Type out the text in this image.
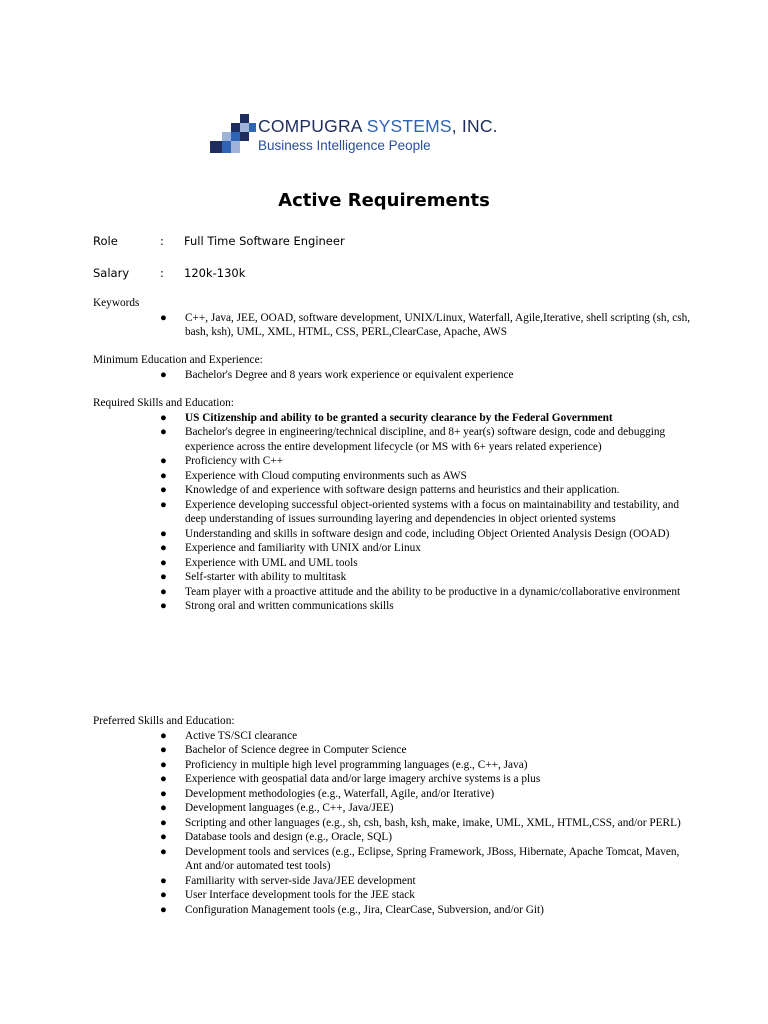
COMPUGRA SYSTEMS, INC.
Business Intelligence People
Active Requirements
Role	: Full Time Software Engineer
Salary	: 120k-130k
Keywords
● C++, Java, JEE, OOAD, software development, UNIX/Linux, Waterfall, Agile,Iterative, shell scripting (sh, csh, bash, ksh), UML, XML, HTML, CSS, PERL,ClearCase, Apache, AWS
Minimum Education and Experience:
● Bachelor's Degree and 8 years work experience or equivalent experience
Required Skills and Education:
● US Citizenship and ability to be granted a security clearance by the Federal Government
● Bachelor's degree in engineering/technical discipline, and 8+ year(s) software design, code and debugging experience across the entire development lifecycle (or MS with 6+ years related experience)
● Proficiency with C++
● Experience with Cloud computing environments such as AWS
● Knowledge of and experience with software design patterns and heuristics and their application.
● Experience developing successful object-oriented systems with a focus on maintainability and testability, and deep understanding of issues surrounding layering and dependencies in object oriented systems
● Understanding and skills in software design and code, including Object Oriented Analysis Design (OOAD)
● Experience and familiarity with UNIX and/or Linux
● Experience with UML and UML tools
● Self-starter with ability to multitask
● Team player with a proactive attitude and the ability to be productive in a dynamic/collaborative environment
● Strong oral and written communications skills
Preferred Skills and Education:
● Active TS/SCI clearance
● Bachelor of Science degree in Computer Science
● Proficiency in multiple high level programming languages (e.g., C++, Java)
● Experience with geospatial data and/or large imagery archive systems is a plus
● Development methodologies (e.g., Waterfall, Agile, and/or Iterative)
● Development languages (e.g., C++, Java/JEE)
● Scripting and other languages (e.g., sh, csh, bash, ksh, make, imake, UML, XML, HTML,CSS, and/or PERL)
● Database tools and design (e.g., Oracle, SQL)
● Development tools and services (e.g., Eclipse, Spring Framework, JBoss, Hibernate, Apache Tomcat, Maven, Ant and/or automated test tools)
● Familiarity with server-side Java/JEE development
● User Interface development tools for the JEE stack
● Configuration Management tools (e.g., Jira, ClearCase, Subversion, and/or Git)
